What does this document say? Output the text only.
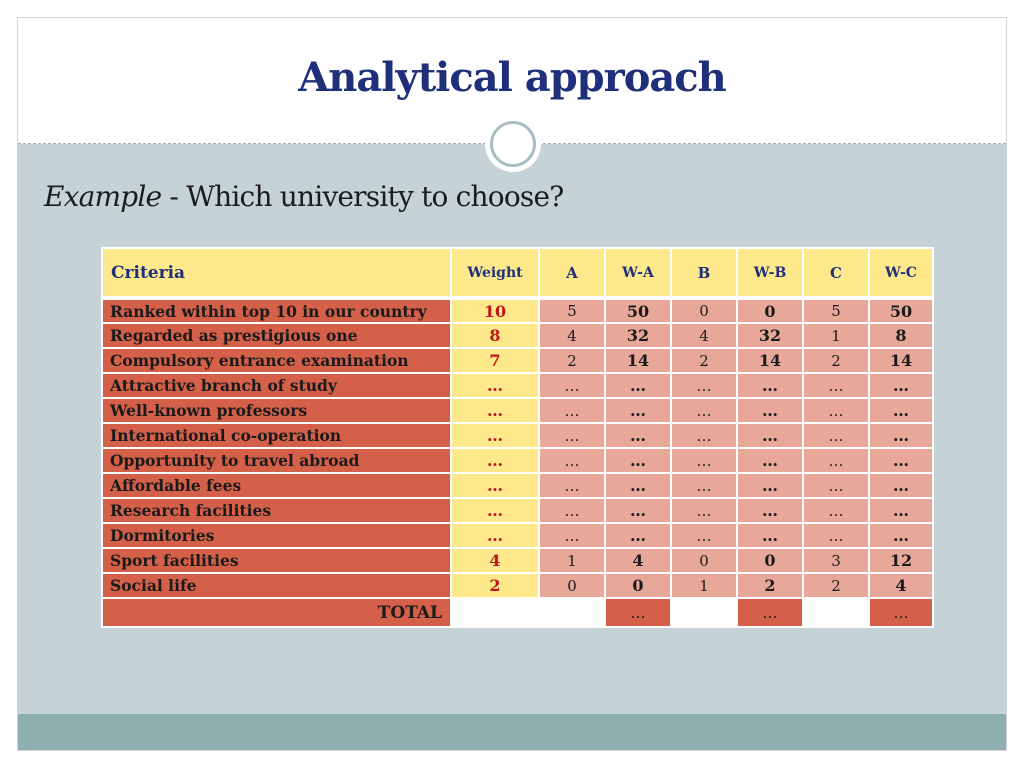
Analytical approach
Example - Which university to choose?
Criteria	Weight	A	W-A	B	W-B	C	W-C
Ranked within top 10 in our country	10	5	50	0	0	5	50
Regarded as prestigious one	8	4	32	4	32	1	8
Compulsory entrance examination	7	2	14	2	14	2	14
Attractive branch of study	…	…	…	…	…	…	…
Well-known professors	…	…	…	…	…	…	…
International co-operation	…	…	…	…	…	…	…
Opportunity to travel abroad	…	…	…	…	…	…	…
Affordable fees	…	…	…	…	…	…	…
Research facilities	…	…	…	…	…	…	…
Dormitories	…	…	…	…	…	…	…
Sport facilities	4	1	4	0	0	3	12
Social life	2	0	0	1	2	2	4
TOTAL			…		…		…
